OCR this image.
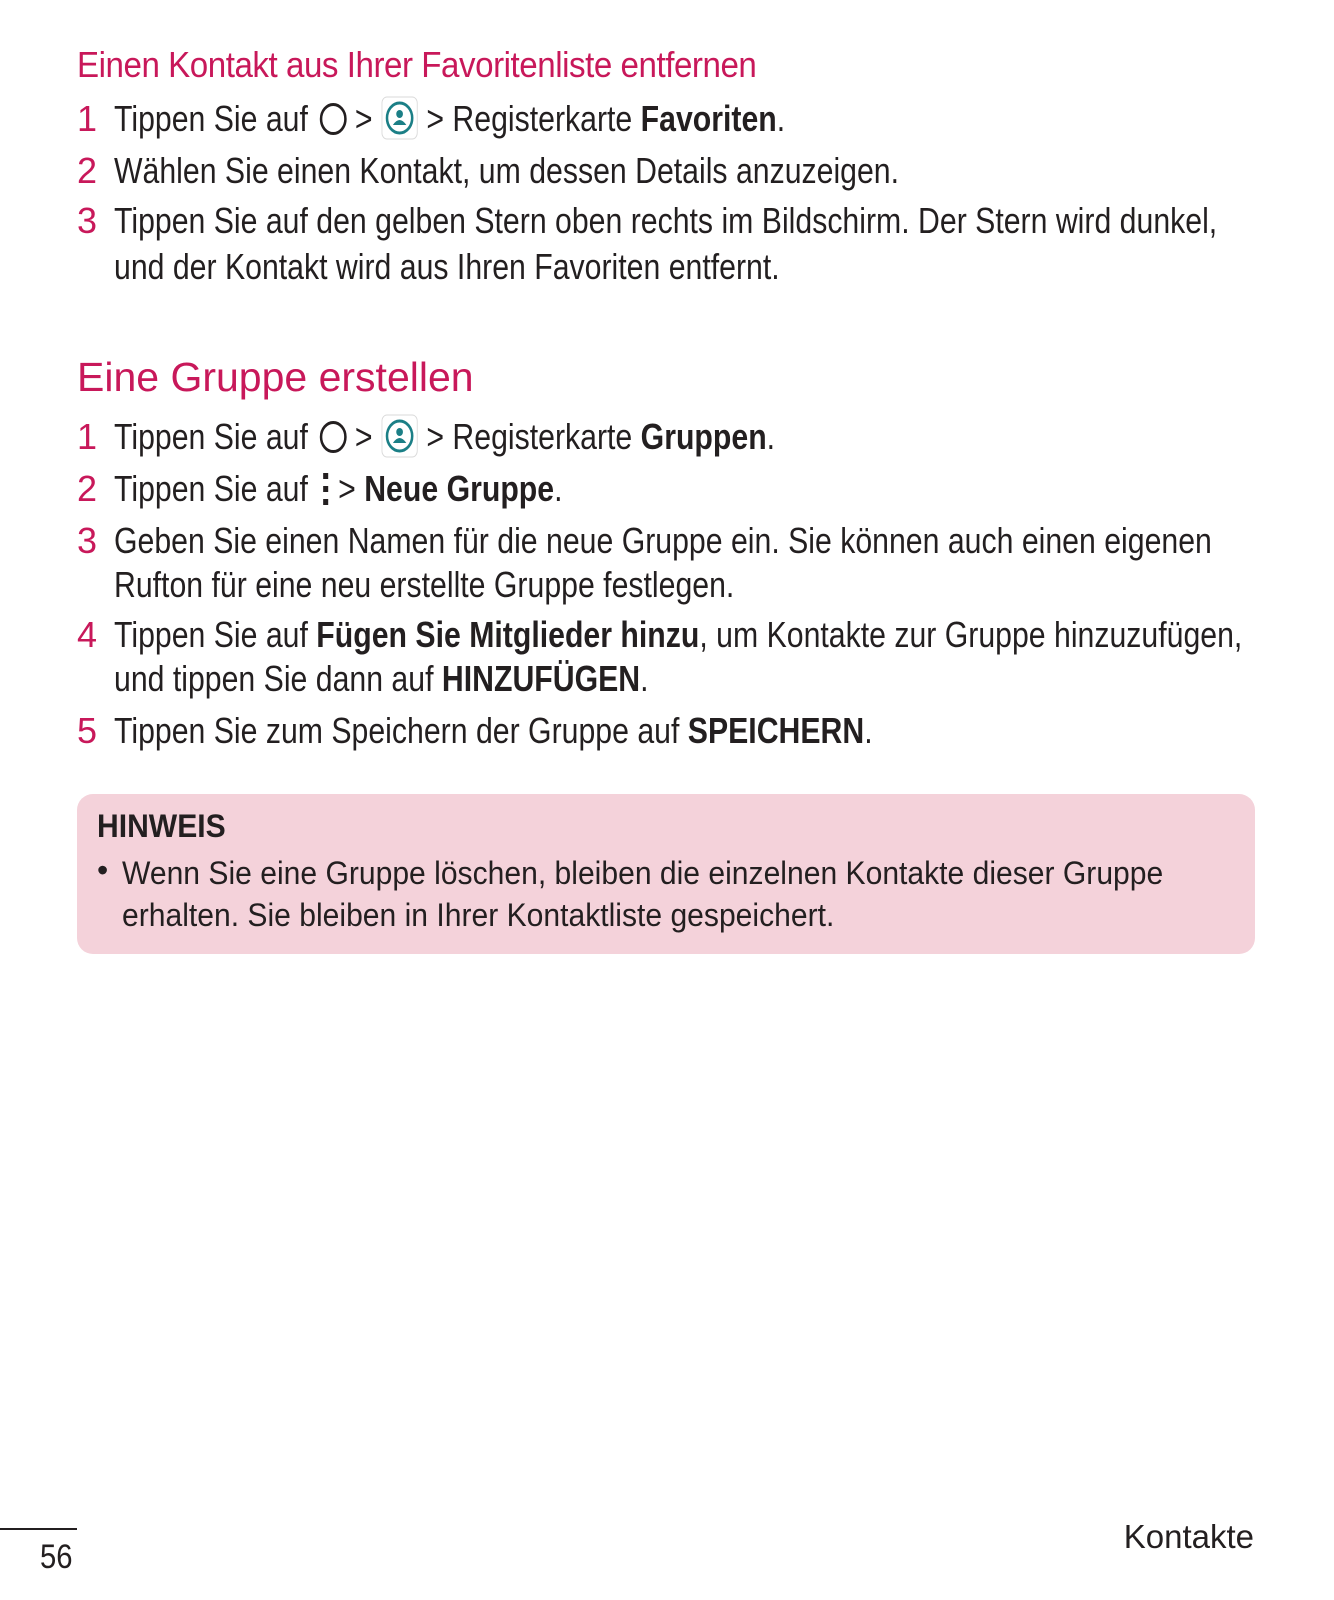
Einen Kontakt aus Ihrer Favoritenliste entfernen
1 Tippen Sie auf > > Registerkarte Favoriten.
2 Wählen Sie einen Kontakt, um dessen Details anzuzeigen.
3 Tippen Sie auf den gelben Stern oben rechts im Bildschirm. Der Stern wird dunkel,
und der Kontakt wird aus Ihren Favoriten entfernt.
Eine Gruppe erstellen
1 Tippen Sie auf > > Registerkarte Gruppen.
2 Tippen Sie auf > Neue Gruppe.
3 Geben Sie einen Namen für die neue Gruppe ein. Sie können auch einen eigenen
Rufton für eine neu erstellte Gruppe festlegen.
4 Tippen Sie auf Fügen Sie Mitglieder hinzu, um Kontakte zur Gruppe hinzuzufügen,
und tippen Sie dann auf HINZUFÜGEN.
5 Tippen Sie zum Speichern der Gruppe auf SPEICHERN.
HINWEIS
• Wenn Sie eine Gruppe löschen, bleiben die einzelnen Kontakte dieser Gruppe erhalten. Sie bleiben in Ihrer Kontaktliste gespeichert.
56
Kontakte
